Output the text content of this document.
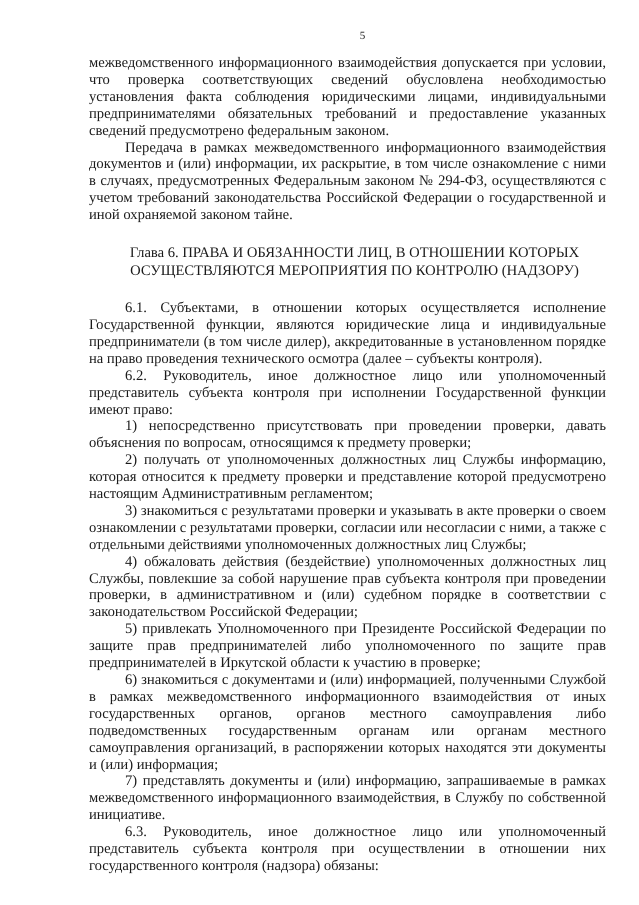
5

межведомственного информационного взаимодействия допускается при условии, что проверка соответствующих сведений обусловлена необходимостью установления факта соблюдения юридическими лицами, индивидуальными предпринимателями обязательных требований и предоставление указанных сведений предусмотрено федеральным законом.

Передача в рамках межведомственного информационного взаимодействия документов и (или) информации, их раскрытие, в том числе ознакомление с ними в случаях, предусмотренных Федеральным законом № 294-ФЗ, осуществляются с учетом требований законодательства Российской Федерации о государственной и иной охраняемой законом тайне.

Глава 6. ПРАВА И ОБЯЗАННОСТИ ЛИЦ, В ОТНОШЕНИИ КОТОРЫХ
ОСУЩЕСТВЛЯЮТСЯ МЕРОПРИЯТИЯ ПО КОНТРОЛЮ (НАДЗОРУ)

6.1. Субъектами, в отношении которых осуществляется исполнение Государственной функции, являются юридические лица и индивидуальные предприниматели (в том числе дилер), аккредитованные в установленном порядке на право проведения технического осмотра (далее – субъекты контроля).

6.2. Руководитель, иное должностное лицо или уполномоченный представитель субъекта контроля при исполнении Государственной функции имеют право:

1) непосредственно присутствовать при проведении проверки, давать объяснения по вопросам, относящимся к предмету проверки;

2) получать от уполномоченных должностных лиц Службы информацию, которая относится к предмету проверки и представление которой предусмотрено настоящим Административным регламентом;

3) знакомиться с результатами проверки и указывать в акте проверки о своем ознакомлении с результатами проверки, согласии или несогласии с ними, а также с отдельными действиями уполномоченных должностных лиц Службы;

4) обжаловать действия (бездействие) уполномоченных должностных лиц Службы, повлекшие за собой нарушение прав субъекта контроля при проведении проверки, в административном и (или) судебном порядке в соответствии с законодательством Российской Федерации;

5) привлекать Уполномоченного при Президенте Российской Федерации по защите прав предпринимателей либо уполномоченного по защите прав предпринимателей в Иркутской области к участию в проверке;

6) знакомиться с документами и (или) информацией, полученными Службой в рамках межведомственного информационного взаимодействия от иных государственных органов, органов местного самоуправления либо подведомственных государственным органам или органам местного самоуправления организаций, в распоряжении которых находятся эти документы и (или) информация;

7) представлять документы и (или) информацию, запрашиваемые в рамках межведомственного информационного взаимодействия, в Службу по собственной инициативе.

6.3. Руководитель, иное должностное лицо или уполномоченный представитель субъекта контроля при осуществлении в отношении них государственного контроля (надзора) обязаны:
